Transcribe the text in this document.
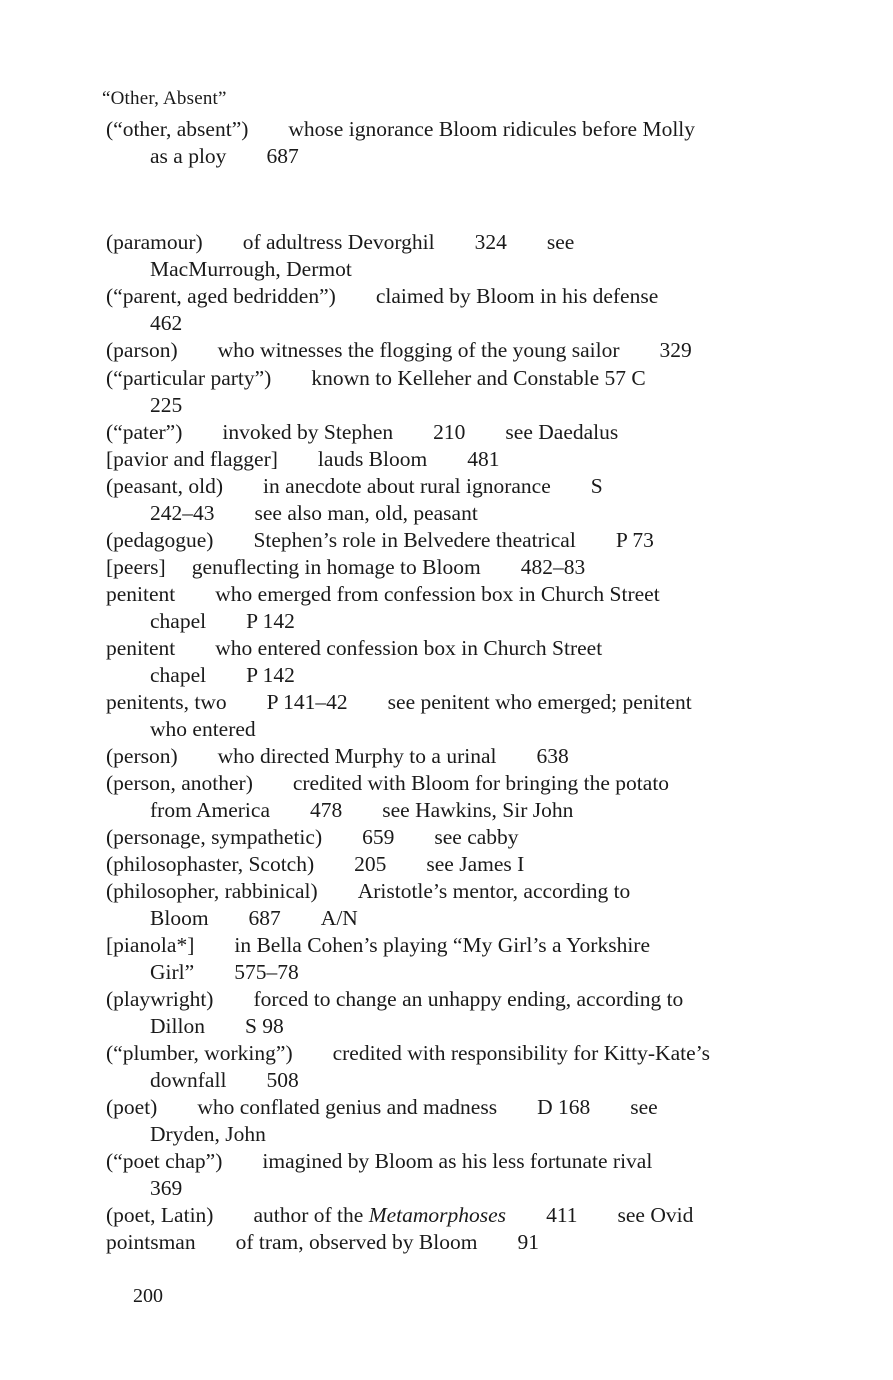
“Other, Absent”
(“other, absent”) whose ignorance Bloom ridicules before Molly
as a ploy 687
(paramour) of adultress Devorghil 324 see
MacMurrough, Dermot
(“parent, aged bedridden”) claimed by Bloom in his defense
462
(parson) who witnesses the flogging of the young sailor 329
(“particular party”) known to Kelleher and Constable 57 C
225
(“pater”) invoked by Stephen 210 see Daedalus
[pavior and flagger] lauds Bloom 481
(peasant, old) in anecdote about rural ignorance S
242–43 see also man, old, peasant
(pedagogue) Stephen’s role in Belvedere theatrical P 73
[peers] genuflecting in homage to Bloom 482–83
penitent who emerged from confession box in Church Street
chapel P 142
penitent who entered confession box in Church Street
chapel P 142
penitents, two P 141–42 see penitent who emerged; penitent
who entered
(person) who directed Murphy to a urinal 638
(person, another) credited with Bloom for bringing the potato
from America 478 see Hawkins, Sir John
(personage, sympathetic) 659 see cabby
(philosophaster, Scotch) 205 see James I
(philosopher, rabbinical) Aristotle’s mentor, according to
Bloom 687 A/N
[pianola*] in Bella Cohen’s playing “My Girl’s a Yorkshire
Girl” 575–78
(playwright) forced to change an unhappy ending, according to
Dillon S 98
(“plumber, working”) credited with responsibility for Kitty-Kate’s
downfall 508
(poet) who conflated genius and madness D 168 see
Dryden, John
(“poet chap”) imagined by Bloom as his less fortunate rival
369
(poet, Latin) author of the Metamorphoses 411 see Ovid
pointsman of tram, observed by Bloom 91
200
